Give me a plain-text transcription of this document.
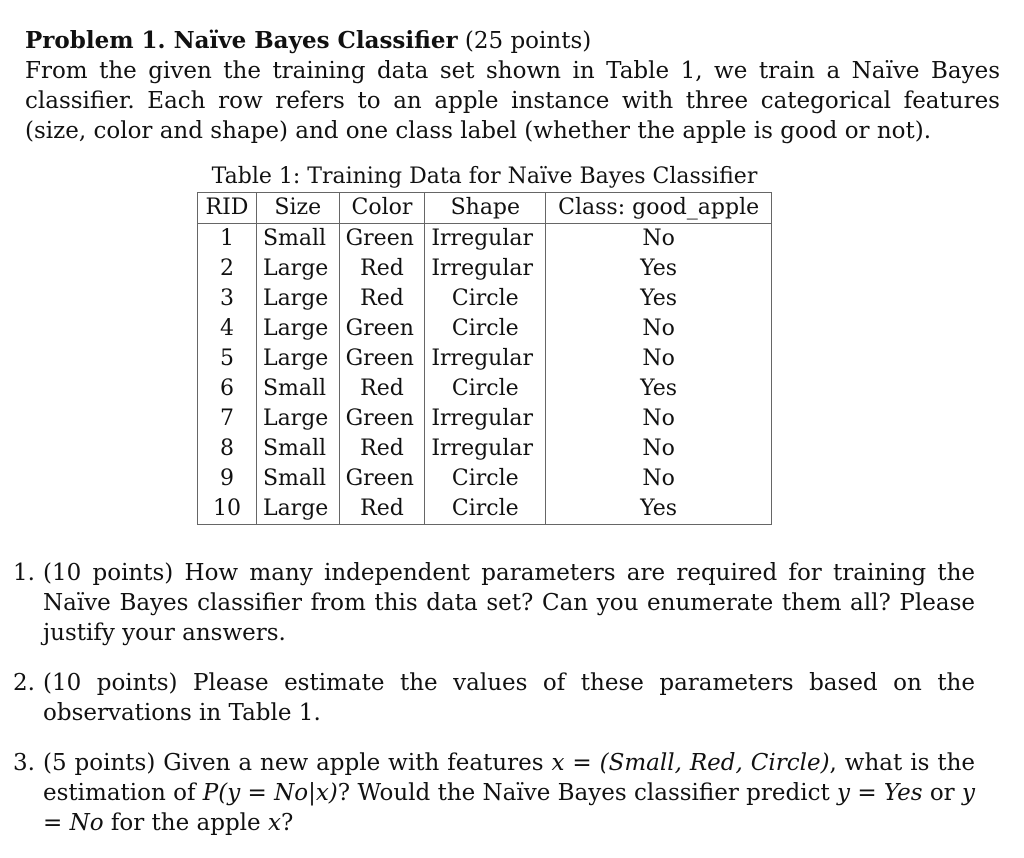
Problem 1. Naïve Bayes Classifier (25 points)

From the given the training data set shown in Table 1, we train a Naïve Bayes classifier. Each row refers to an apple instance with three categorical features (size, color and shape) and one class label (whether the apple is good or not).

Table 1: Training Data for Naïve Bayes Classifier

RID	Size	Color	Shape	Class: good_apple
1	Small	Green	Irregular	No
2	Large	Red	Irregular	Yes
3	Large	Red	Circle	Yes
4	Large	Green	Circle	No
5	Large	Green	Irregular	No
6	Small	Red	Circle	Yes
7	Large	Green	Irregular	No
8	Small	Red	Irregular	No
9	Small	Green	Circle	No
10	Large	Red	Circle	Yes
1. (10 points) How many independent parameters are required for training the Naïve Bayes classifier from this data set? Can you enumerate them all? Please justify your answers.
2. (10 points) Please estimate the values of these parameters based on the observations in Table 1.
3. (5 points) Given a new apple with features x = (Small, Red, Circle), what is the estimation of P(y = No|x)? Would the Naïve Bayes classifier predict y = Yes or y = No for the apple x?
